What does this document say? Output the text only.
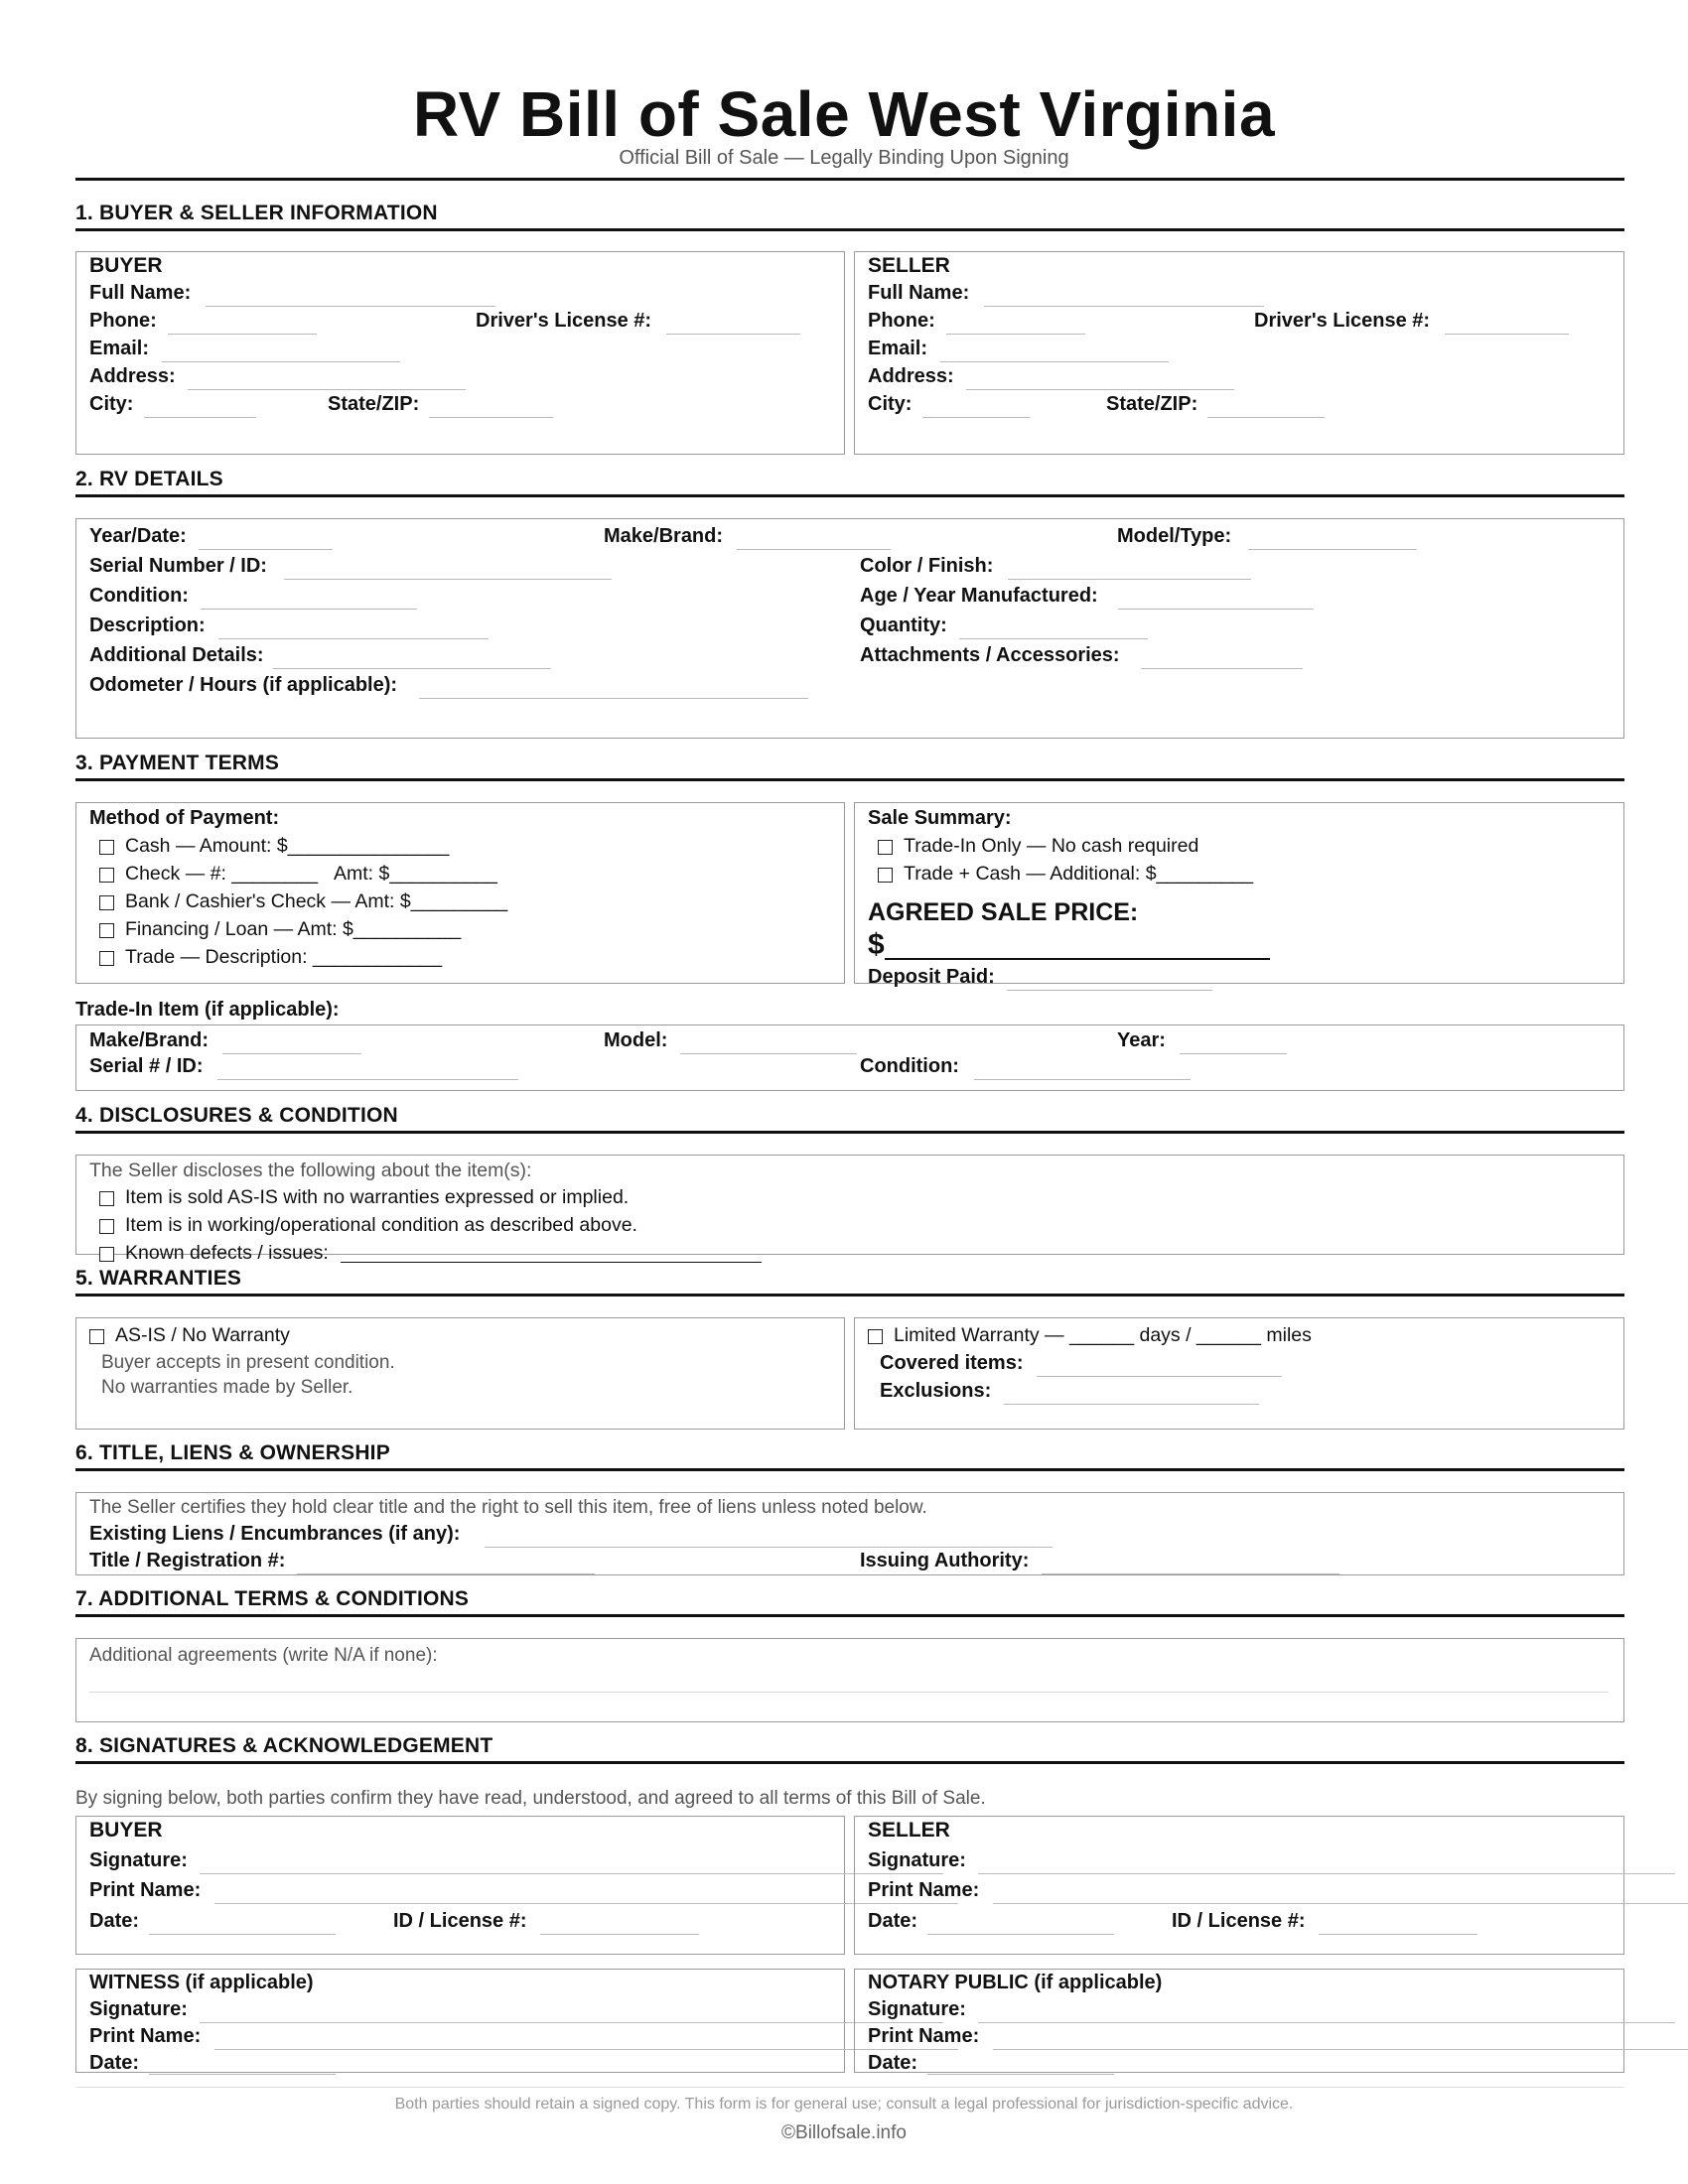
RV Bill of Sale West Virginia
Official Bill of Sale — Legally Binding Upon Signing
1. BUYER & SELLER INFORMATION
BUYER
Full Name:
Phone:	Driver's License #:
Email:
Address:
City:	State/ZIP:
SELLER
Full Name:
Phone:	Driver's License #:
Email:
Address:
City:	State/ZIP:
2. RV DETAILS
Year/Date:	Make/Brand:	Model/Type:
Serial Number / ID:	Color / Finish:
Condition:	Age / Year Manufactured:
Description:	Quantity:
Additional Details:	Attachments / Accessories:
Odometer / Hours (if applicable):
3. PAYMENT TERMS
Method of Payment:
Cash — Amount: $_______________
Check — #: ________ Amt: $__________
Bank / Cashier's Check — Amt: $_________
Financing / Loan — Amt: $__________
Trade — Description: ____________
Sale Summary:
Trade-In Only — No cash required
Trade + Cash — Additional: $_________
AGREED SALE PRICE:
$
Deposit Paid:
Trade-In Item (if applicable):
Make/Brand:	Model:	Year:
Serial # / ID:	Condition:
4. DISCLOSURES & CONDITION
The Seller discloses the following about the item(s):
Item is sold AS-IS with no warranties expressed or implied.
Item is in working/operational condition as described above.
Known defects / issues:
5. WARRANTIES
AS-IS / No Warranty
Buyer accepts in present condition.
No warranties made by Seller.
Limited Warranty — ______ days / ______ miles
Covered items:
Exclusions:
6. TITLE, LIENS & OWNERSHIP
The Seller certifies they hold clear title and the right to sell this item, free of liens unless noted below.
Existing Liens / Encumbrances (if any):
Title / Registration #:	Issuing Authority:
7. ADDITIONAL TERMS & CONDITIONS
Additional agreements (write N/A if none):
8. SIGNATURES & ACKNOWLEDGEMENT
By signing below, both parties confirm they have read, understood, and agreed to all terms of this Bill of Sale.
BUYER
Signature:
Print Name:
Date:	ID / License #:
SELLER
Signature:
Print Name:
Date:	ID / License #:
WITNESS (if applicable)
Signature:
Print Name:
Date:
NOTARY PUBLIC (if applicable)
Signature:
Print Name:
Date:
Both parties should retain a signed copy. This form is for general use; consult a legal professional for jurisdiction-specific advice.
©Billofsale.info
